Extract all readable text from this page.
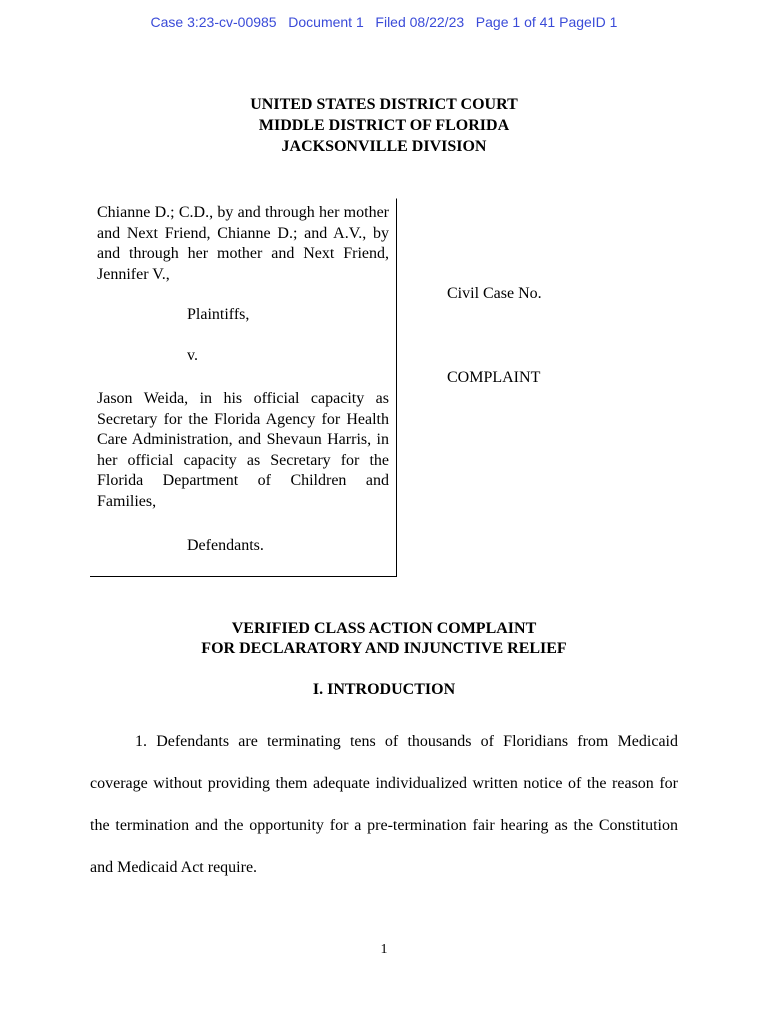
Case 3:23-cv-00985   Document 1   Filed 08/22/23   Page 1 of 41 PageID 1
UNITED STATES DISTRICT COURT
MIDDLE DISTRICT OF FLORIDA
JACKSONVILLE DIVISION
Chianne D.; C.D., by and through her mother and Next Friend, Chianne D.; and A.V., by and through her mother and Next Friend, Jennifer V.,
Plaintiffs,
v.
Jason Weida, in his official capacity as Secretary for the Florida Agency for Health Care Administration, and Shevaun Harris, in her official capacity as Secretary for the Florida Department of Children and Families,
Defendants.
Civil Case No.
COMPLAINT
VERIFIED CLASS ACTION COMPLAINT
FOR DECLARATORY AND INJUNCTIVE RELIEF
I. INTRODUCTION
1. Defendants are terminating tens of thousands of Floridians from Medicaid coverage without providing them adequate individualized written notice of the reason for the termination and the opportunity for a pre-termination fair hearing as the Constitution and Medicaid Act require.
1
